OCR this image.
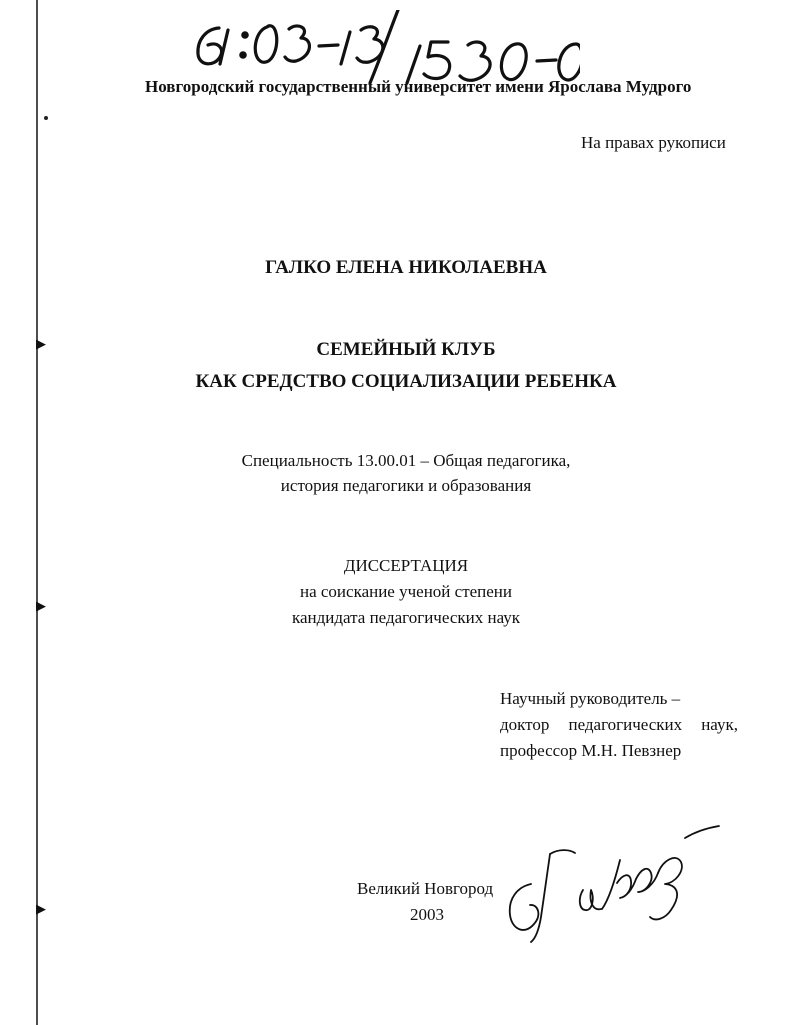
▶
▶
▶
Новгородский государственный университет имени Ярослава Мудрого
На правах рукописи
ГАЛКО ЕЛЕНА НИКОЛАЕВНА
СЕМЕЙНЫЙ КЛУБ
КАК СРЕДСТВО СОЦИАЛИЗАЦИИ РЕБЕНКА
Специальность 13.00.01 – Общая педагогика,
история педагогики и образования
ДИССЕРТАЦИЯ
на соискание ученой степени
кандидата педагогических наук
Научный руководитель –
доктор педагогических наук,
профессор М.Н. Певзнер
Великий Новгород
2003
